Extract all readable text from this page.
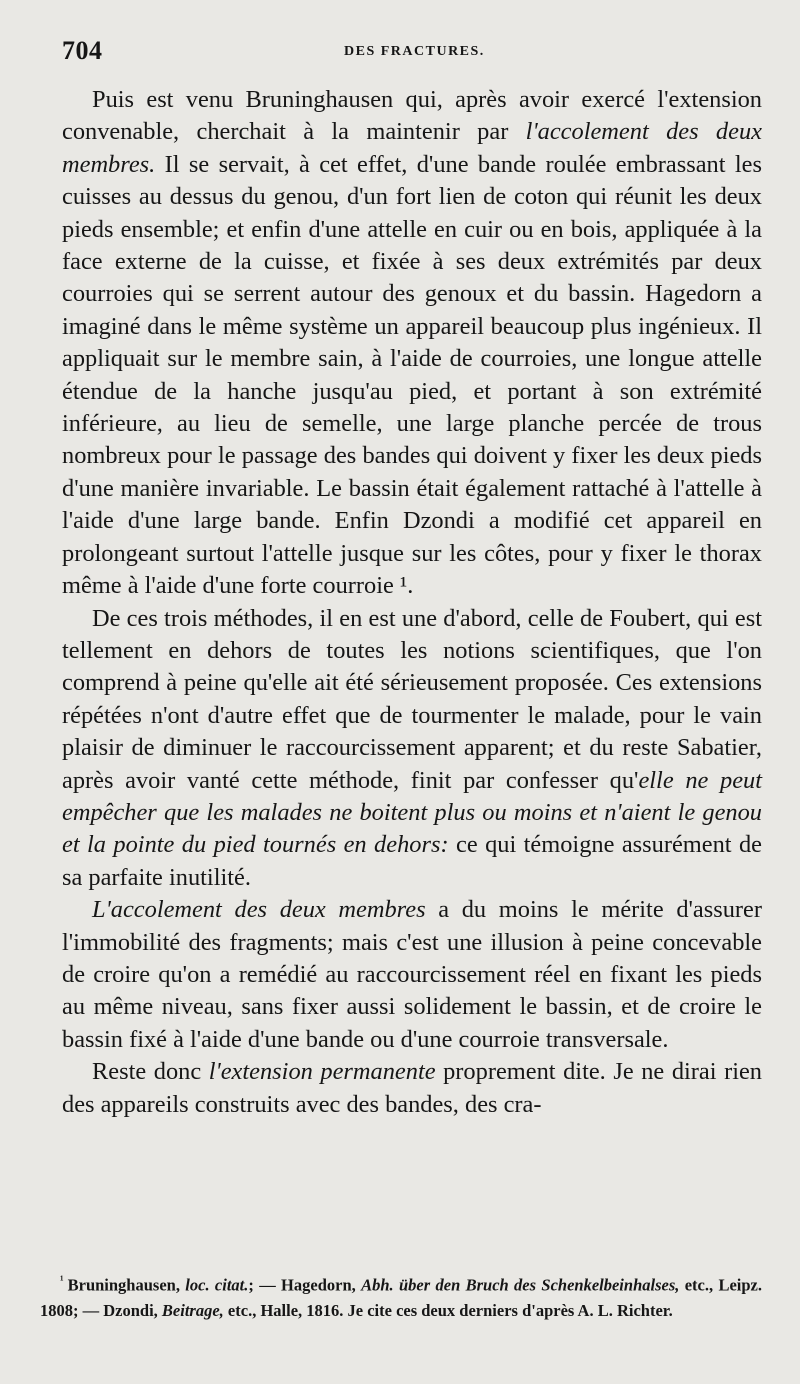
704	DES FRACTURES.

Puis est venu Bruninghausen qui, après avoir exercé l'extension convenable, cherchait à la maintenir par l'accolement des deux membres. Il se servait, à cet effet, d'une bande roulée embrassant les cuisses au dessus du genou, d'un fort lien de coton qui réunit les deux pieds ensemble; et enfin d'une attelle en cuir ou en bois, appliquée à la face externe de la cuisse, et fixée à ses deux extrémités par deux courroies qui se serrent autour des genoux et du bassin. Hagedorn a imaginé dans le même système un appareil beaucoup plus ingénieux. Il appliquait sur le membre sain, à l'aide de courroies, une longue attelle étendue de la hanche jusqu'au pied, et portant à son extrémité inférieure, au lieu de semelle, une large planche percée de trous nombreux pour le passage des bandes qui doivent y fixer les deux pieds d'une manière invariable. Le bassin était également rattaché à l'attelle à l'aide d'une large bande. Enfin Dzondi a modifié cet appareil en prolongeant surtout l'attelle jusque sur les côtes, pour y fixer le thorax même à l'aide d'une forte courroie ¹.

De ces trois méthodes, il en est une d'abord, celle de Foubert, qui est tellement en dehors de toutes les notions scientifiques, que l'on comprend à peine qu'elle ait été sérieusement proposée. Ces extensions répétées n'ont d'autre effet que de tourmenter le malade, pour le vain plaisir de diminuer le raccourcissement apparent; et du reste Sabatier, après avoir vanté cette méthode, finit par confesser qu'elle ne peut empêcher que les malades ne boitent plus ou moins et n'aient le genou et la pointe du pied tournés en dehors: ce qui témoigne assurément de sa parfaite inutilité.

L'accolement des deux membres a du moins le mérite d'assurer l'immobilité des fragments; mais c'est une illusion à peine concevable de croire qu'on a remédié au raccourcissement réel en fixant les pieds au même niveau, sans fixer aussi solidement le bassin, et de croire le bassin fixé à l'aide d'une bande ou d'une courroie transversale.

Reste donc l'extension permanente proprement dite. Je ne dirai rien des appareils construits avec des bandes, des cra-

$^{^1}$ Bruninghausen, loc. citat.; — Hagedorn, Abh. über den Bruch des Schenkelbeinhalses, etc., Leipz. 1808; — Dzondi, Beitrage, etc., Halle, 1816. Je cite ces deux derniers d'après A. L. Richter.
